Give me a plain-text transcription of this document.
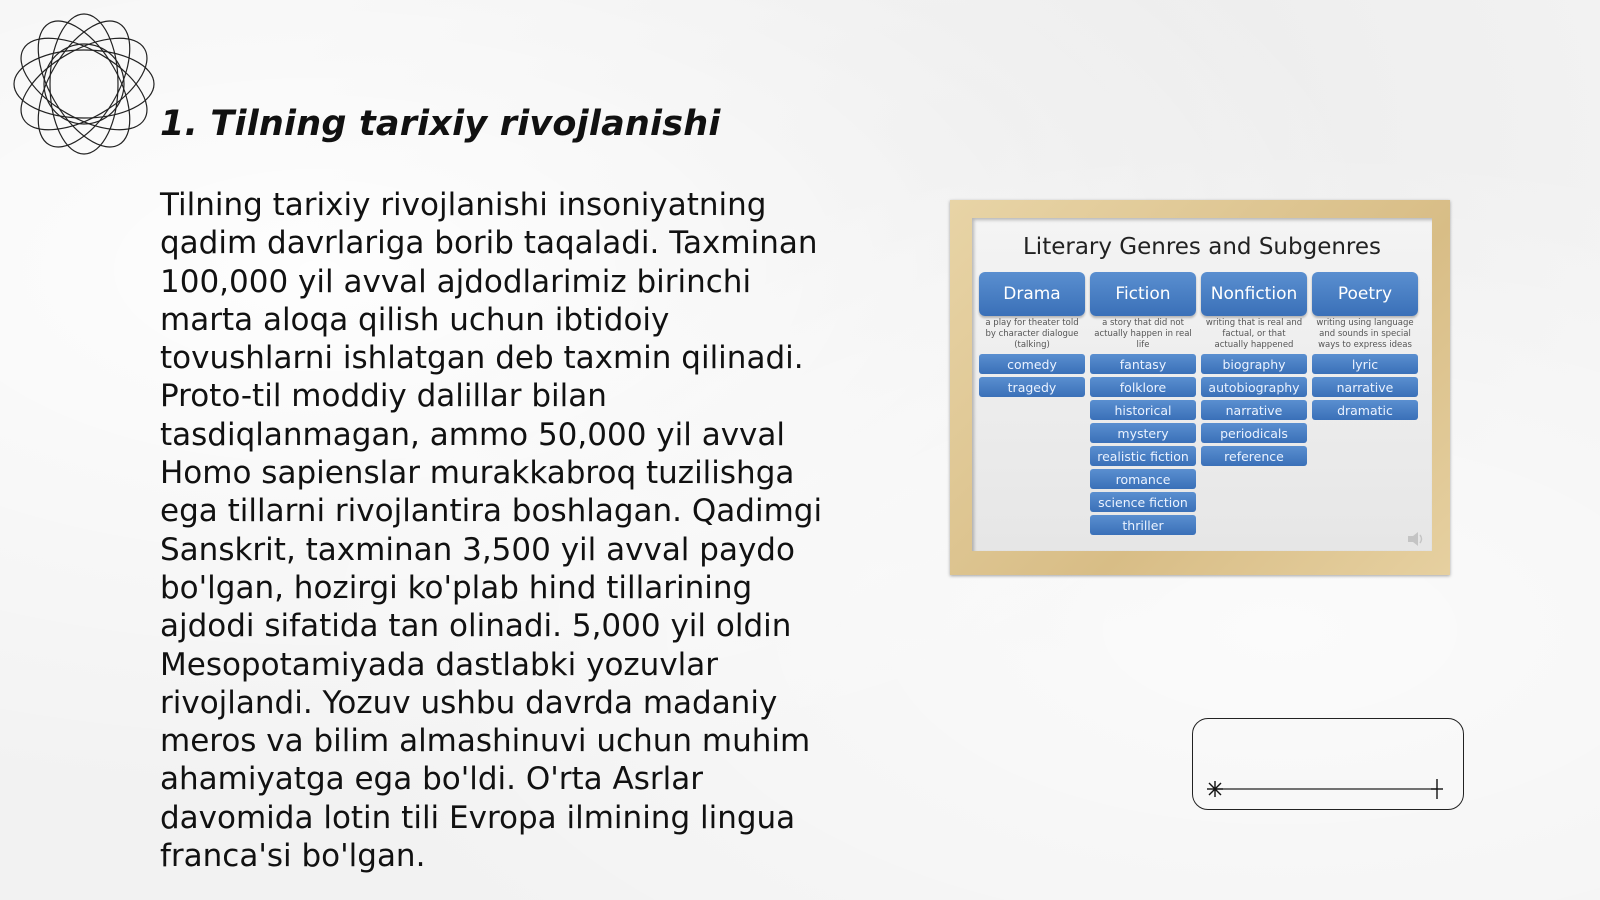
1. Tilning tarixiy rivojlanishi

Tilning tarixiy rivojlanishi insoniyatning qadim davrlariga borib taqaladi. Taxminan 100,000 yil avval ajdodlarimiz birinchi marta aloqa qilish uchun ibtidoiy tovushlarni ishlatgan deb taxmin qilinadi. Proto-til moddiy dalillar bilan tasdiqlanmagan, ammo 50,000 yil avval Homo sapienslar murakkabroq tuzilishga ega tillarni rivojlantira boshlagan. Qadimgi Sanskrit, taxminan 3,500 yil avval paydo bo'lgan, hozirgi ko'plab hind tillarining ajdodi sifatida tan olinadi. 5,000 yil oldin Mesopotamiyada dastlabki yozuvlar rivojlandi. Yozuv ushbu davrda madaniy meros va bilim almashinuvi uchun muhim ahamiyatga ega bo'ldi. O'rta Asrlar davomida lotin tili Evropa ilmining lingua franca'si bo'lgan.

Literary Genres and Subgenres
Drama
a play for theater told by character dialogue (talking)
comedy
tragedy
Fiction
a story that did not actually happen in real life
fantasy
folklore
historical
mystery
realistic fiction
romance
science fiction
thriller
Nonfiction
writing that is real and factual, or that actually happened
biography
autobiography
narrative
periodicals
reference
Poetry
writing using language and sounds in special ways to express ideas
lyric
narrative
dramatic
